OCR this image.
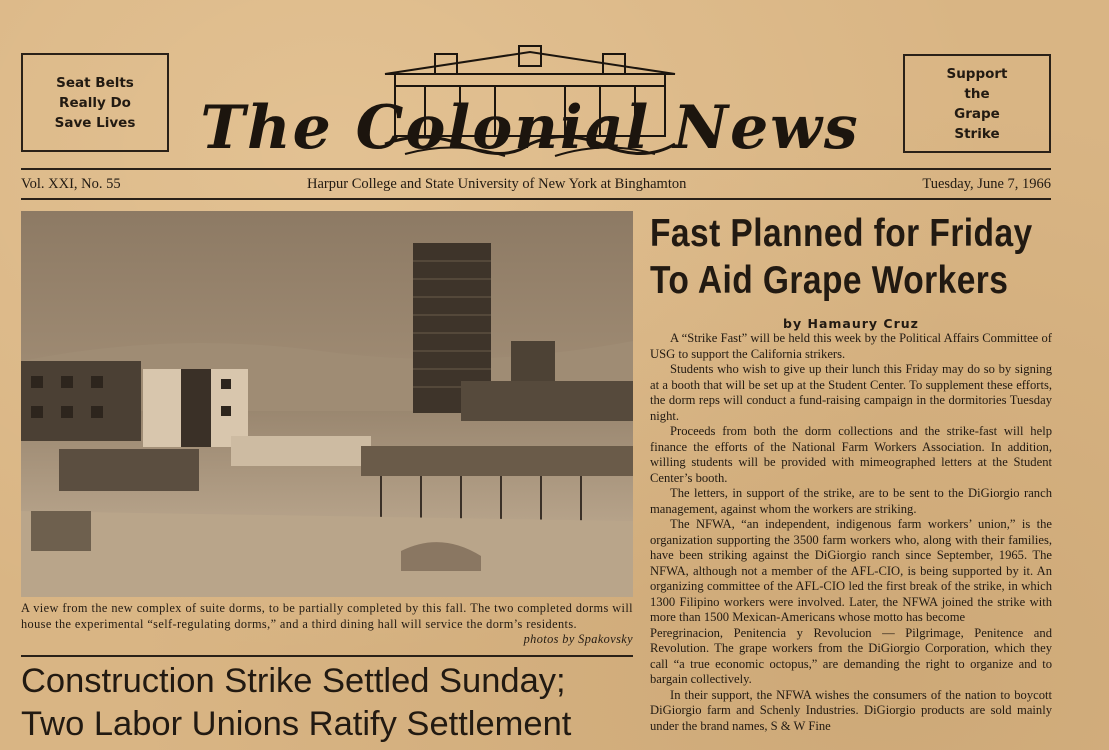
Seat Belts
Really Do
Save Lives	The Colonial News
Support
the
Grape
Strike
Vol. XXI, No. 55	Harpur College and State University of New York at Binghamton	Tuesday, June 7, 1966
A view from the new complex of suite dorms, to be partially completed by this fall. The two completed dorms will house the experimental “self-regulating dorms,” and a third dining hall will service the dorm’s residents.
photos by Spakovsky
Construction Strike Settled Sunday;
Two Labor Unions Ratify Settlement
Fast Planned for Friday
To Aid Grape Workers
by Hamaury Cruz

A “Strike Fast” will be held this week by the Political Affairs Committee of USG to support the California strikers.

Students who wish to give up their lunch this Friday may do so by signing at a booth that will be set up at the Student Center. To supplement these efforts, the dorm reps will conduct a fund-raising campaign in the dormitories Tuesday night.

Proceeds from both the dorm collections and the strike-fast will help finance the efforts of the National Farm Workers Association. In addition, willing students will be provided with mimeographed letters at the Student Center’s booth.

The letters, in support of the strike, are to be sent to the DiGiorgio ranch management, against whom the workers are striking.

The NFWA, “an independent, indigenous farm workers’ union,” is the organization supporting the 3500 farm workers who, along with their families, have been striking against the DiGiorgio ranch since September, 1965. The NFWA, although not a member of the AFL-CIO, is being supported by it. An organizing committee of the AFL-CIO led the first break of the strike, in which 1300 Filipino workers were involved. Later, the NFWA joined the strike with more than 1500 Mexican-Americans whose motto has become

Peregrinacion, Penitencia y Revolucion — Pilgrimage, Penitence and Revolution. The grape workers from the DiGiorgio Corporation, which they call “a true economic octopus,” are demanding the right to organize and to bargain collectively.

In their support, the NFWA wishes the consumers of the nation to boycott DiGiorgio farm and Schenly Industries. DiGiorgio products are sold mainly under the brand names, S & W Fine
